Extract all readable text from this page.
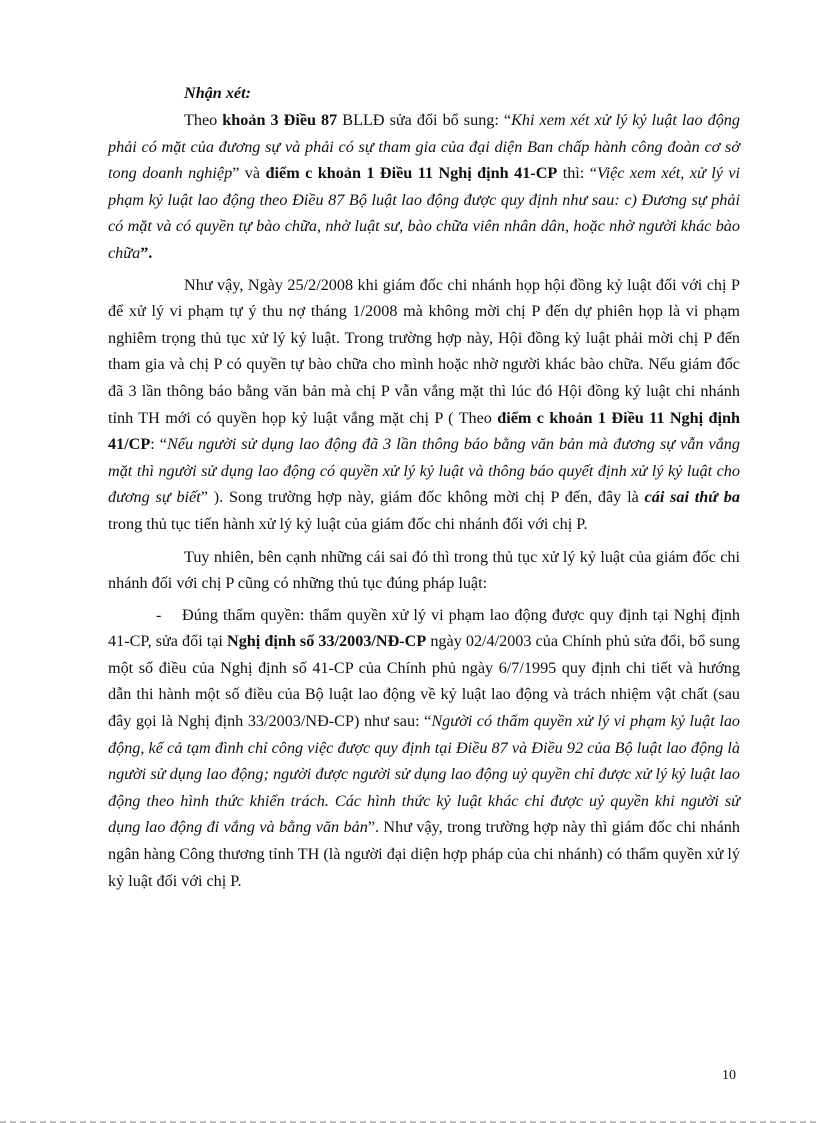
Nhận xét:

Theo khoản 3 Điều 87 BLLĐ sửa đổi bổ sung: “Khi xem xét xử lý kỷ luật lao động phải có mặt của đương sự và phải có sự tham gia của đại diện Ban chấp hành công đoàn cơ sở tong doanh nghiệp” và điểm c khoản 1 Điều 11 Nghị định 41-CP thì: “Việc xem xét, xử lý vi phạm kỷ luật lao động theo Điều 87 Bộ luật lao động được quy định như sau: c) Đương sự phải có mặt và có quyền tự bào chữa, nhờ luật sư, bào chữa viên nhân dân, hoặc nhờ người khác bào chữa”.

Như vậy, Ngày 25/2/2008 khi giám đốc chi nhánh họp hội đồng kỷ luật đối với chị P để xử lý vi phạm tự ý thu nợ tháng 1/2008 mà không mời chị P đến dự phiên họp là vi phạm nghiêm trọng thủ tục xử lý kỷ luật. Trong trường hợp này, Hội đồng kỷ luật phải mời chị P đến tham gia và chị P có quyền tự bào chữa cho mình hoặc nhờ người khác bào chữa. Nếu giám đốc đã 3 lần thông báo bằng văn bản mà chị P vẫn vắng mặt thì lúc đó Hội đồng kỷ luật chi nhánh tỉnh TH mới có quyền họp kỷ luật vắng mặt chị P ( Theo điểm c khoản 1 Điều 11 Nghị định 41/CP: “Nếu người sử dụng lao động đã 3 lần thông báo bằng văn bản mà đương sự vẫn vắng mặt thì người sử dụng lao động có quyền xử lý kỷ luật và thông báo quyết định xử lý kỷ luật cho đương sự biết” ). Song trường hợp này, giám đốc không mời chị P đến, đây là cái sai thứ ba trong thủ tục tiến hành xử lý kỷ luật của giám đốc chi nhánh đối với chị P.

Tuy nhiên, bên cạnh những cái sai đó thì trong thủ tục xử lý kỷ luật của giám đốc chi nhánh đối với chị P cũng có những thủ tục đúng pháp luật:

- Đúng thẩm quyền: thẩm quyền xử lý vi phạm lao động được quy định tại Nghị định 41-CP, sửa đổi tại Nghị định số 33/2003/NĐ-CP ngày 02/4/2003 của Chính phủ sửa đổi, bổ sung một số điều của Nghị định số 41-CP của Chính phủ ngày 6/7/1995 quy định chi tiết và hướng dẫn thi hành một số điều của Bộ luật lao động về kỷ luật lao động và trách nhiệm vật chất (sau đây gọi là Nghị định 33/2003/NĐ-CP) như sau: “Người có thẩm quyền xử lý vi phạm kỷ luật lao động, kể cả tạm đình chỉ công việc được quy định tại Điều 87 và Điều 92 của Bộ luật lao động là người sử dụng lao động; người được người sử dụng lao động uỷ quyền chỉ được xử lý kỷ luật lao động theo hình thức khiển trách. Các hình thức kỷ luật khác chỉ được uỷ quyền khi người sử dụng lao động đi vắng và bằng văn bản”. Như vậy, trong trường hợp này thì giám đốc chi nhánh ngân hàng Công thương tỉnh TH (là người đại diện hợp pháp của chi nhánh) có thẩm quyền xử lý kỷ luật đối với chị P.

10
